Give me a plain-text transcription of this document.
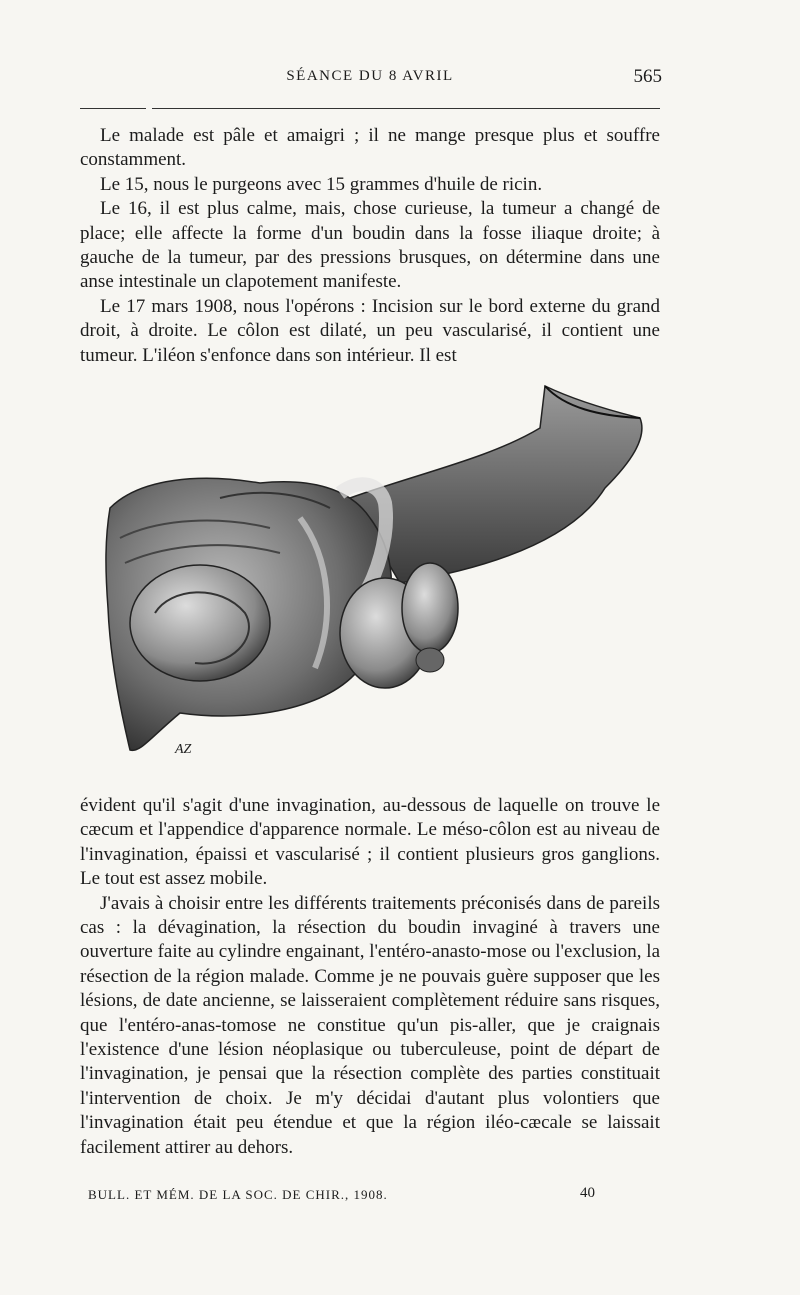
SÉANCE DU 8 AVRIL	565

Le malade est pâle et amaigri ; il ne mange presque plus et souffre constamment.

Le 15, nous le purgeons avec 15 grammes d'huile de ricin.

Le 16, il est plus calme, mais, chose curieuse, la tumeur a changé de place; elle affecte la forme d'un boudin dans la fosse iliaque droite; à gauche de la tumeur, par des pressions brusques, on détermine dans une anse intestinale un clapotement manifeste.

Le 17 mars 1908, nous l'opérons : Incision sur le bord externe du grand droit, à droite. Le côlon est dilaté, un peu vascularisé, il contient une tumeur. L'iléon s'enfonce dans son intérieur. Il est

AZ

évident qu'il s'agit d'une invagination, au-dessous de laquelle on trouve le cæcum et l'appendice d'apparence normale. Le méso-côlon est au niveau de l'invagination, épaissi et vascularisé ; il contient plusieurs gros ganglions. Le tout est assez mobile.

J'avais à choisir entre les différents traitements préconisés dans de pareils cas : la dévagination, la résection du boudin invaginé à travers une ouverture faite au cylindre engainant, l'entéro-anasto-mose ou l'exclusion, la résection de la région malade. Comme je ne pouvais guère supposer que les lésions, de date ancienne, se laisseraient complètement réduire sans risques, que l'entéro-anas-tomose ne constitue qu'un pis-aller, que je craignais l'existence d'une lésion néoplasique ou tuberculeuse, point de départ de l'invagination, je pensai que la résection complète des parties constituait l'intervention de choix. Je m'y décidai d'autant plus volontiers que l'invagination était peu étendue et que la région iléo-cæcale se laissait facilement attirer au dehors.

BULL. ET MÉM. DE LA SOC. DE CHIR., 1908.	40
